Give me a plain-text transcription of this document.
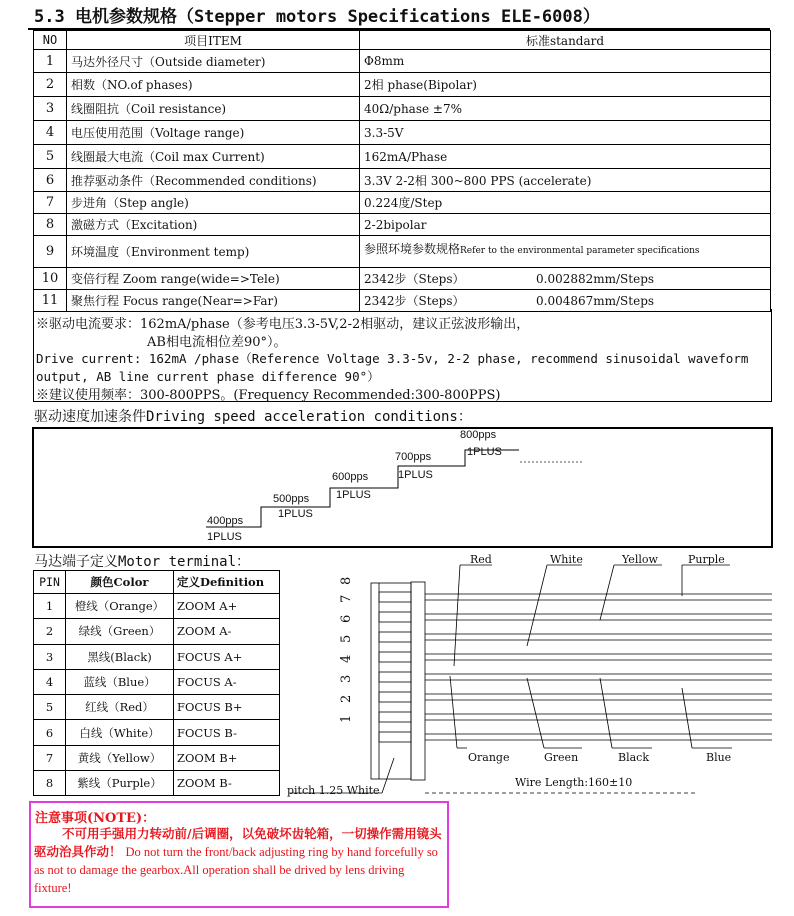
5.3 电机参数规格（Stepper motors Specifications ELE-6008）
NO	项目ITEM	标准standard
1	马达外径尺寸（Outside diameter)	Φ8mm
2	相数（NO.of phases)	2相 phase(Bipolar)
3	线圈阻抗（Coil resistance)	40Ω/phase ±7%
4	电压使用范围（Voltage range)	3.3-5V
5	线圈最大电流（Coil max Current)	162mA/Phase
6	推荐驱动条件（Recommended conditions)	3.3V 2-2相 300~800 PPS (accelerate)
7	步进角（Step angle)	0.224度/Step
8	激磁方式（Excitation)	2-2bipolar
9	环境温度（Environment temp)	参照环境参数规格Refer to the environmental parameter specifications
10	变倍行程 Zoom range(wide=>Tele)	2342步（Steps） 0.002882mm/Steps
11	聚焦行程 Focus range(Near=>Far)	2342步（Steps） 0.004867mm/Steps
※驱动电流要求：162mA/phase（参考电压3.3-5V,2-2相驱动，建议正弦波形输出，
AB相电流相位差90°）。
Drive current: 162mA /phase（Reference Voltage 3.3-5v, 2-2 phase, recommend sinusoidal waveform
output, AB line current phase difference 90°）
※建议使用频率：300-800PPS。(Frequency Recommended:300-800PPS)
驱动速度加速条件Driving speed acceleration conditions：
400pps
1PLUS
500pps
1PLUS
600pps
1PLUS
700pps
1PLUS
800pps
1PLUS
马达端子定义Motor terminal：
PIN	颜色Color	定义Definition
1	橙线（Orange）	ZOOM A+
2	绿线（Green）	ZOOM A-
3	黑线(Black)	FOCUS A+
4	蓝线（Blue）	FOCUS A-
5	红线（Red）	FOCUS B+
6	白线（White）	FOCUS B-
7	黄线（Yellow）	ZOOM B+
8	紫线（Purple）	ZOOM B-
Red	White	Yellow	Purple
Orange	Green	Black	Blue
pitch 1.25 White
Wire Length:160±10
1
2
3
4
5
6
7
8
注意事项(NOTE)：
不可用手强用力转动前/后调圈，以免破坏齿轮箱，一切操作需用镜头驱动治具作动！ Do not turn the front/back adjusting ring by hand forcefully so as not to damage the gearbox.All operation shall be drived by lens driving fixture!
